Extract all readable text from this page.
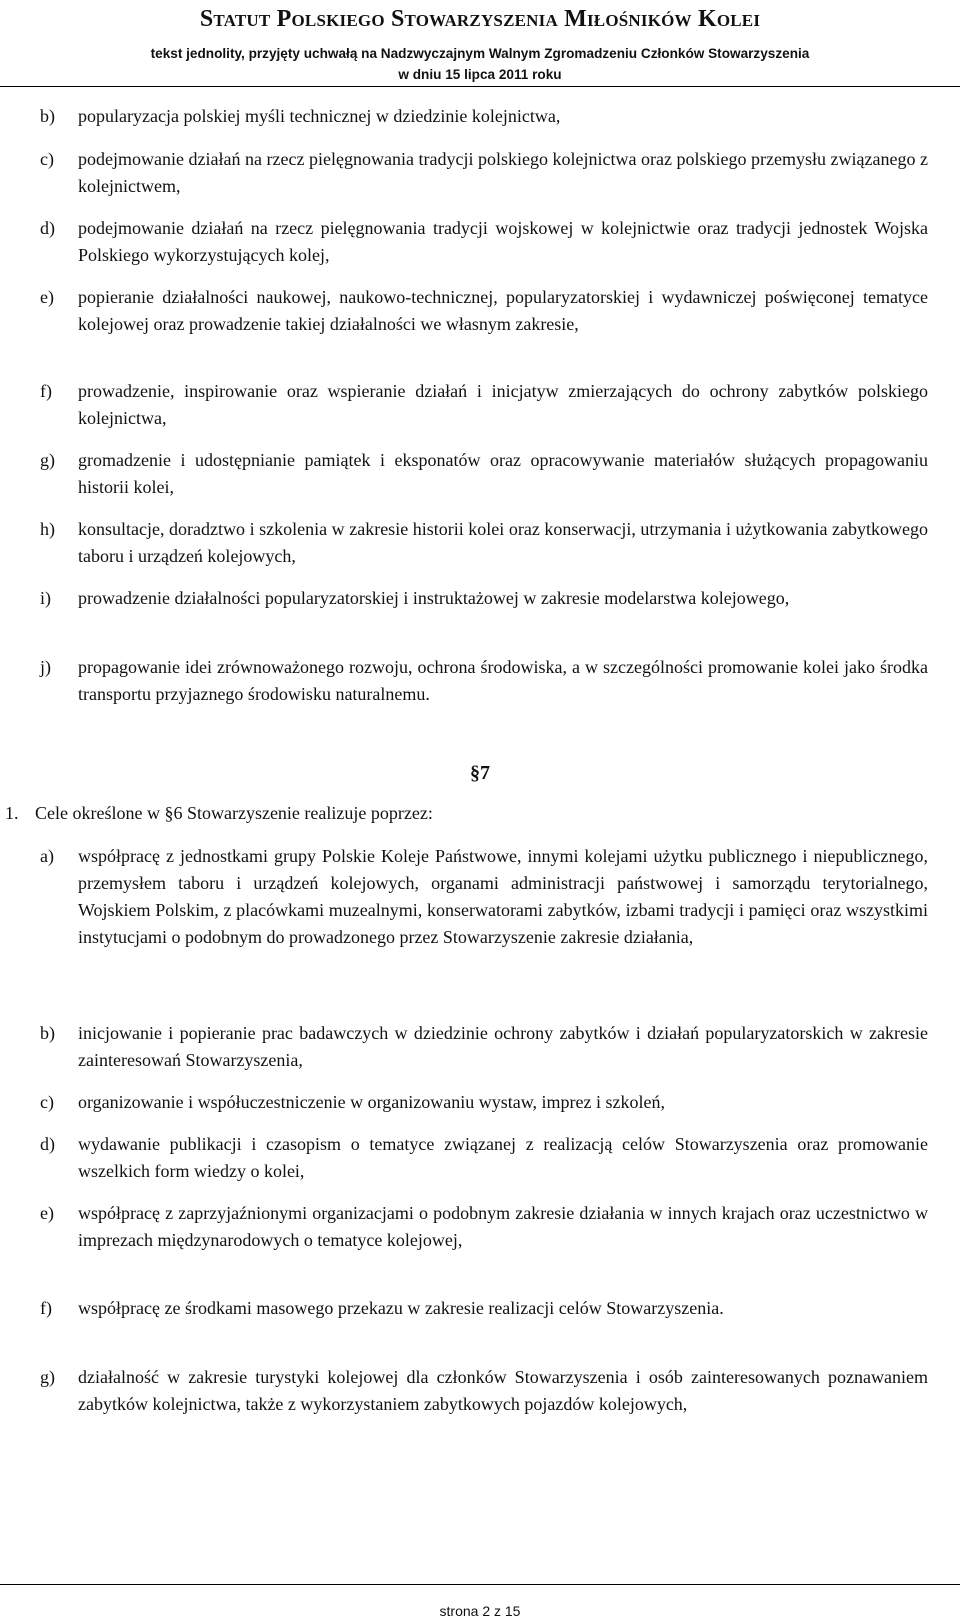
Statut Polskiego Stowarzyszenia Miłośników Kolei
tekst jednolity, przyjęty uchwałą na Nadzwyczajnym Walnym Zgromadzeniu Członków Stowarzyszenia
w dniu 15 lipca 2011 roku
b)	popularyzacja polskiej myśli technicznej w dziedzinie kolejnictwa,
c)	podejmowanie działań na rzecz pielęgnowania tradycji polskiego kolejnictwa oraz polskiego przemysłu związanego z kolejnictwem,
d)	podejmowanie działań na rzecz pielęgnowania tradycji wojskowej w kolejnictwie oraz tradycji jednostek Wojska Polskiego wykorzystujących kolej,
e)	popieranie działalności naukowej, naukowo-technicznej, popularyzatorskiej i wydawniczej poświęconej tematyce kolejowej oraz prowadzenie takiej działalności we własnym zakresie,
f)	prowadzenie, inspirowanie oraz wspieranie działań i inicjatyw zmierzających do ochrony zabytków polskiego kolejnictwa,
g)	gromadzenie i udostępnianie pamiątek i eksponatów oraz opracowywanie materiałów służących propagowaniu historii kolei,
h)	konsultacje, doradztwo i szkolenia w zakresie historii kolei oraz konserwacji, utrzymania i użytkowania zabytkowego taboru i urządzeń kolejowych,
i)	prowadzenie działalności popularyzatorskiej i instruktażowej w zakresie modelarstwa kolejowego,
j)	propagowanie idei zrównoważonego rozwoju, ochrona środowiska, a w szczególności promowanie kolei jako środka transportu przyjaznego środowisku naturalnemu.
§7
1. Cele określone w §6 Stowarzyszenie realizuje poprzez:
a)	współpracę z jednostkami grupy Polskie Koleje Państwowe, innymi kolejami użytku publicznego i niepublicznego, przemysłem taboru i urządzeń kolejowych, organami administracji państwowej i samorządu terytorialnego, Wojskiem Polskim, z placówkami muzealnymi, konserwatorami zabytków, izbami tradycji i pamięci oraz wszystkimi instytucjami o podobnym do prowadzonego przez Stowarzyszenie zakresie działania,
b)	inicjowanie i popieranie prac badawczych w dziedzinie ochrony zabytków i działań popularyzatorskich w zakresie zainteresowań Stowarzyszenia,
c)	organizowanie i współuczestniczenie w organizowaniu wystaw, imprez i szkoleń,
d)	wydawanie publikacji i czasopism o tematyce związanej z realizacją celów Stowarzyszenia oraz promowanie wszelkich form wiedzy o kolei,
e)	współpracę z zaprzyjaźnionymi organizacjami o podobnym zakresie działania w innych krajach oraz uczestnictwo w imprezach międzynarodowych o tematyce kolejowej,
f)	współpracę ze środkami masowego przekazu w zakresie realizacji celów Stowarzyszenia.
g)	działalność w zakresie turystyki kolejowej dla członków Stowarzyszenia i osób zainteresowanych poznawaniem zabytków kolejnictwa, także z wykorzystaniem zabytkowych pojazdów kolejowych,
strona 2 z 15
